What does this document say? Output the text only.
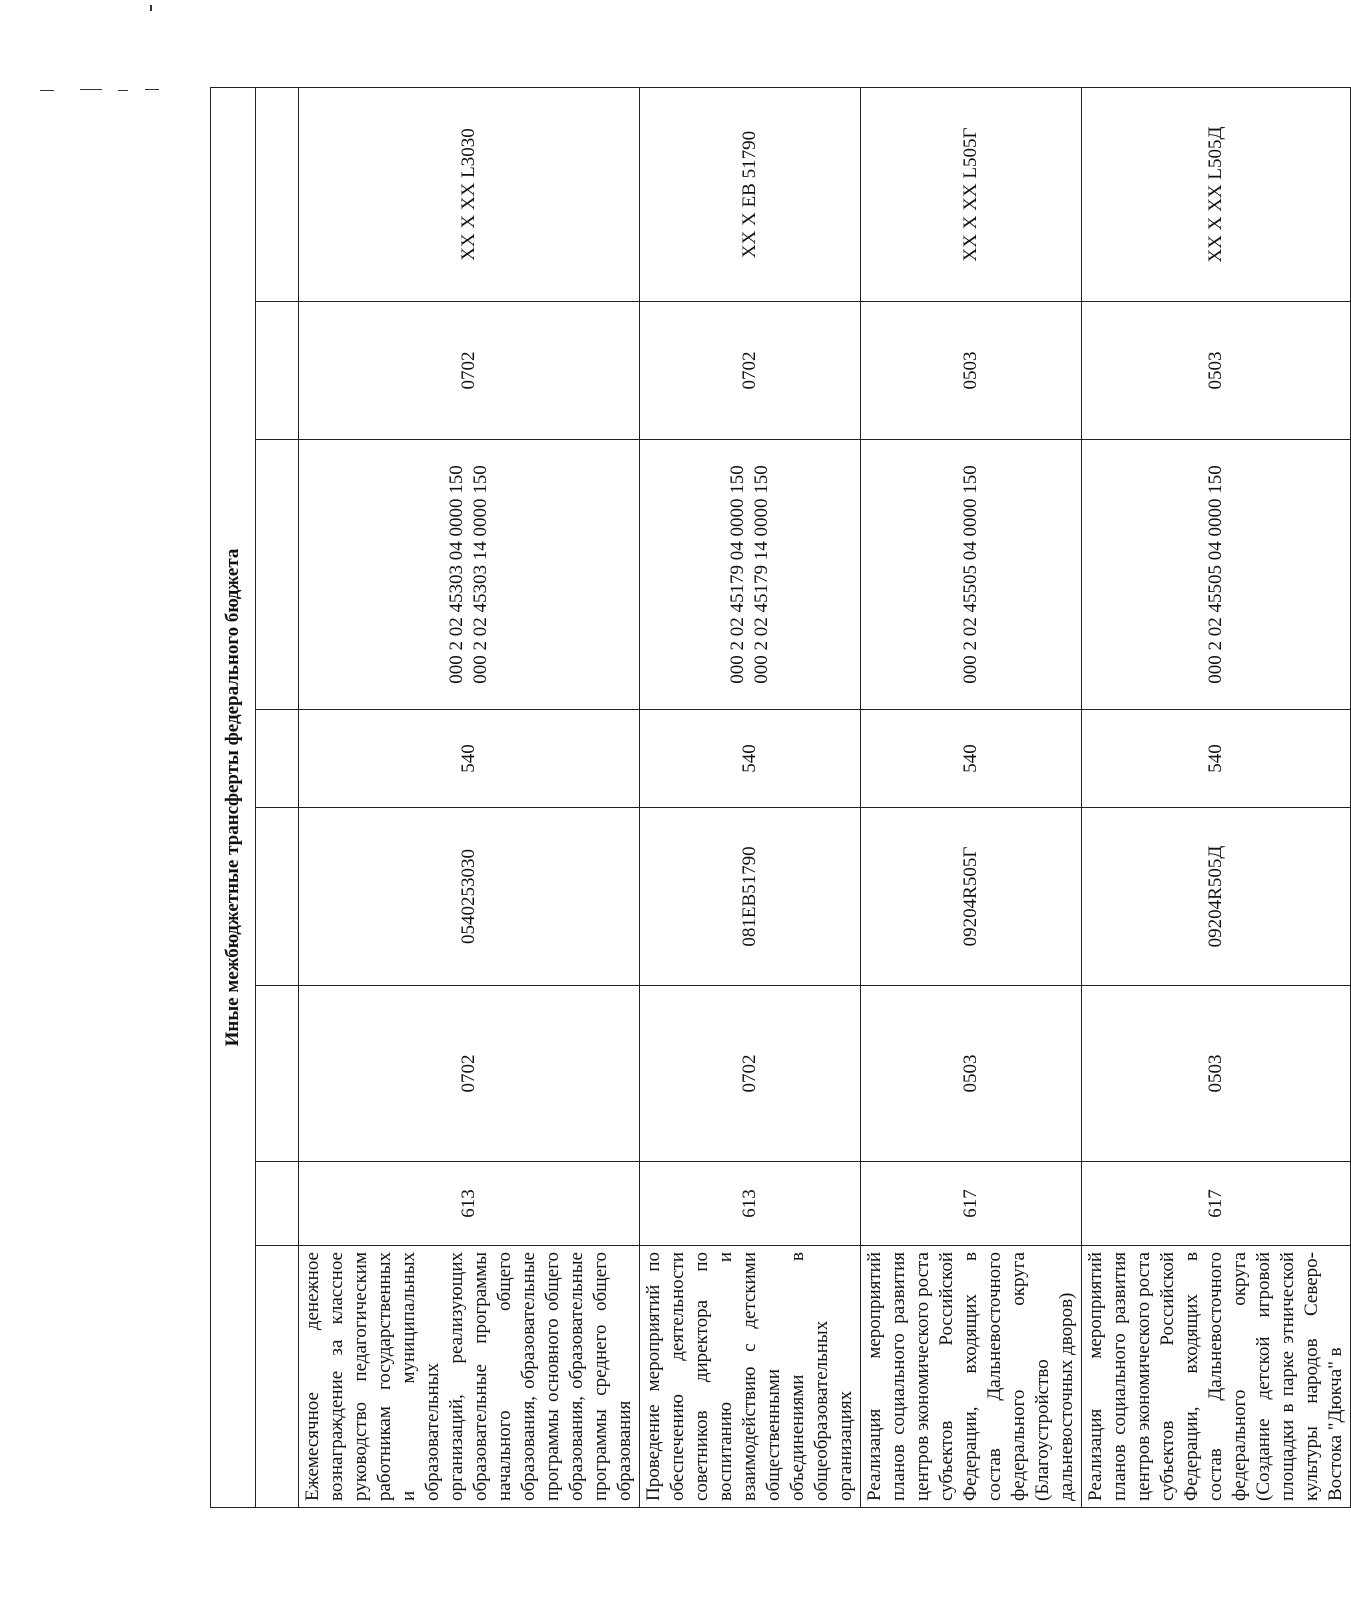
Иные межбюджетные трансферты федерального бюджета							

Ежемесячное денежное вознаграждение за классное руководство педагогическим работникам государственных и муниципальных образовательных организаций, реализующих образовательные программы начального общего образования, образовательные программы основного общего образования, образовательные программы среднего общего образования	613	0702	0540253030	540	000 2 02 45303 04 0000 150 000 2 02 45303 14 0000 150	0702	XX X XX L3030
Проведение мероприятий по обеспечению деятельности советников директора по воспитанию и взаимодействию с детскими общественными объединениями в общеобразовательных организациях	613	0702	081EB51790	540	000 2 02 45179 04 0000 150 000 2 02 45179 14 0000 150	0702	XX X EB 51790
Реализация мероприятий планов социального развития центров экономического роста субъектов Российской Федерации, входящих в состав Дальневосточного федерального округа (Благоустройство дальневосточных дворов)	617	0503	09204R505Г	540	000 2 02 45505 04 0000 150	0503	XX X XX L505Г
Реализация мероприятий планов социального развития центров экономического роста субъектов Российской Федерации, входящих в состав Дальневосточного федерального округа (Создание детской игровой площадки в парке этнической культуры народов Северо-Востока "Дюкча" в	617	0503	09204R505Д	540	000 2 02 45505 04 0000 150	0503	XX X XX L505Д
